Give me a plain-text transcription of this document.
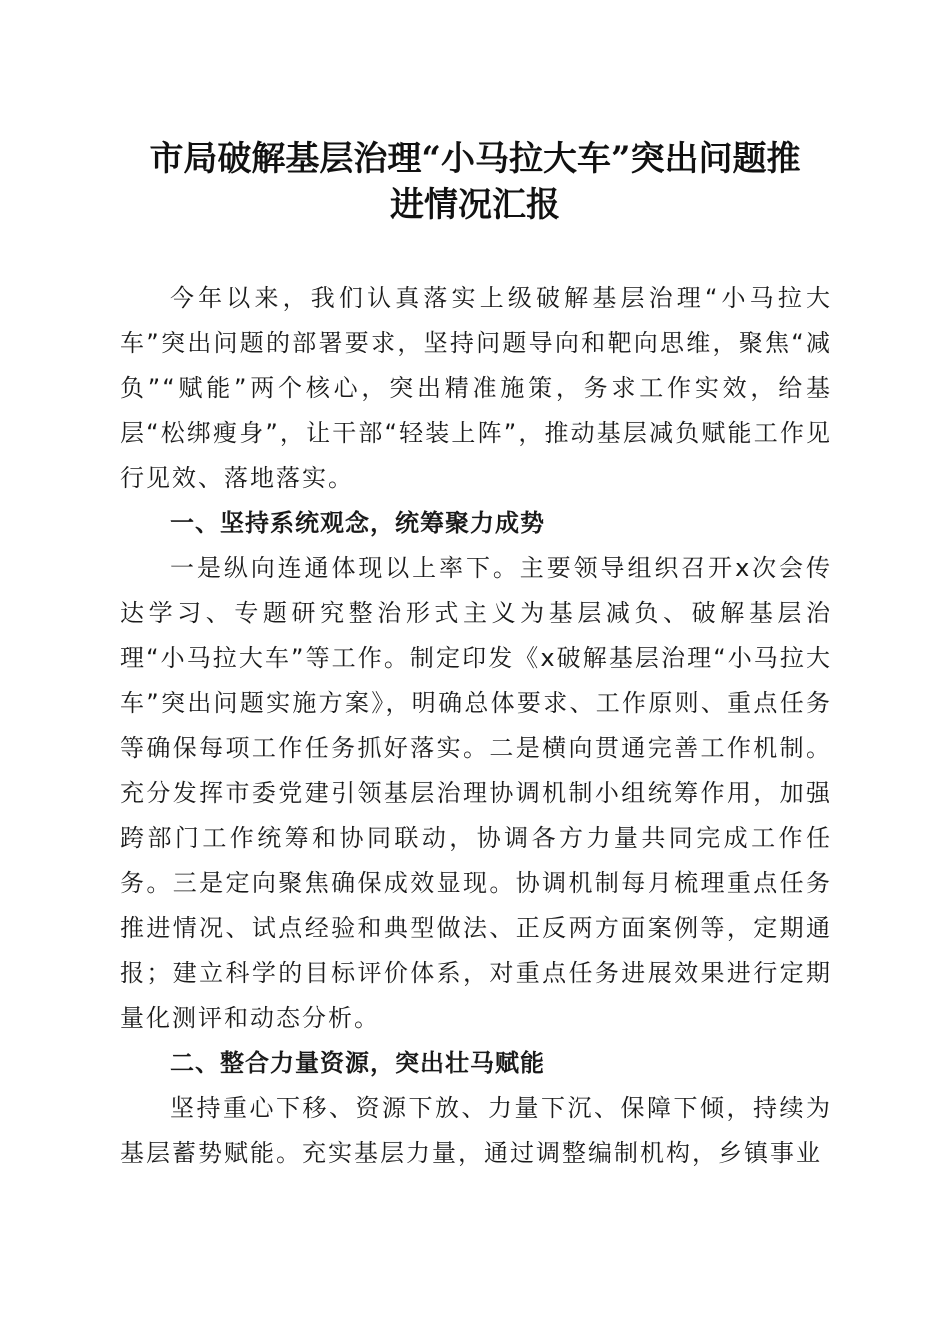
市局破解基层治理“小马拉大车”突出问题推
进情况汇报

今年以来，我们认真落实上级破解基层治理“小马拉大车”突出问题的部署要求，坚持问题导向和靶向思维，聚焦“减负”“赋能”两个核心，突出精准施策，务求工作实效，给基层“松绑瘦身”，让干部“轻装上阵”，推动基层减负赋能工作见行见效、落地落实。

一、坚持系统观念，统筹聚力成势

一是纵向连通体现以上率下。主要领导组织召开x次会传达学习、专题研究整治形式主义为基层减负、破解基层治理“小马拉大车”等工作。制定印发《x破解基层治理“小马拉大车”突出问题实施方案》，明确总体要求、工作原则、重点任务等确保每项工作任务抓好落实。二是横向贯通完善工作机制。充分发挥市委党建引领基层治理协调机制小组统筹作用，加强跨部门工作统筹和协同联动，协调各方力量共同完成工作任务。三是定向聚焦确保成效显现。协调机制每月梳理重点任务推进情况、试点经验和典型做法、正反两方面案例等，定期通报；建立科学的目标评价体系，对重点任务进展效果进行定期量化测评和动态分析。

二、整合力量资源，突出壮马赋能

坚持重心下移、资源下放、力量下沉、保障下倾，持续为基层蓄势赋能。充实基层力量，通过调整编制机构，乡镇事业
